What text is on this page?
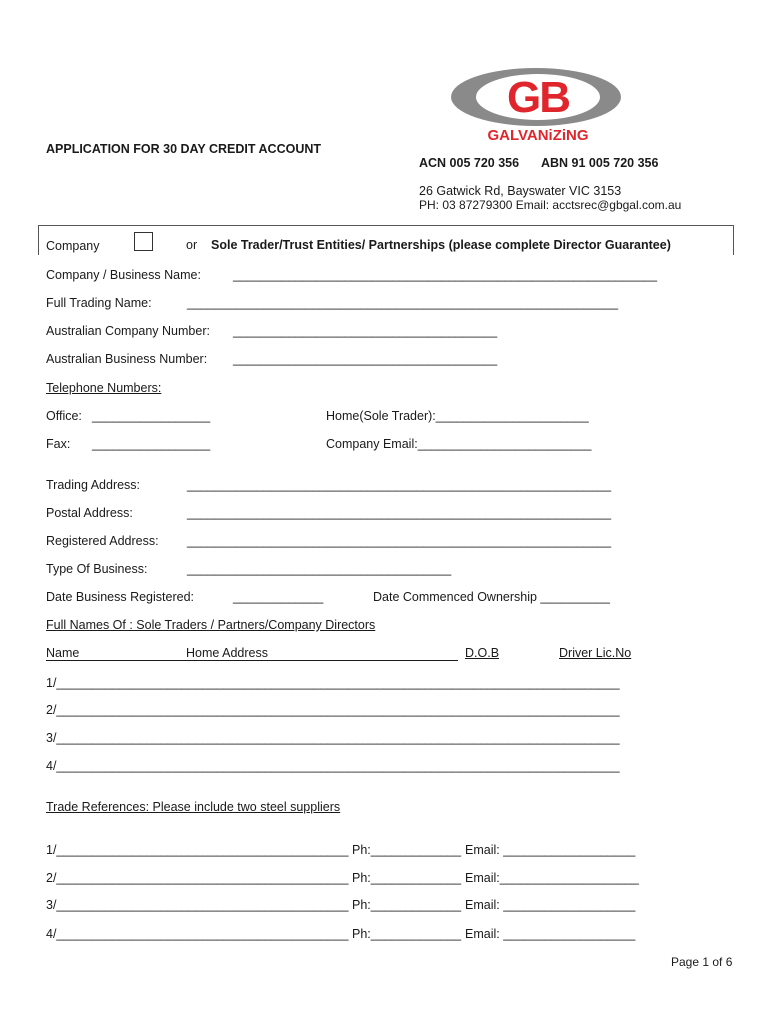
GB
GALVANiZiNG
APPLICATION FOR 30 DAY CREDIT ACCOUNT
ACN 005 720 356 ABN 91 005 720 356
26 Gatwick Rd, Bayswater VIC 3153
PH: 03 87279300 Email: acctsrec@gbgal.com.au
Company	or Sole Trader/Trust Entities/ Partnerships (please complete Director Guarantee)
Company / Business Name:	_____________________________________________________________
Full Trading Name:	______________________________________________________________
Australian Company Number: ______________________________________
Australian Business Number: ______________________________________
Telephone Numbers:
Office: _________________	Home(Sole Trader):______________________
Fax: _________________	Company Email:_________________________
Trading Address:	_____________________________________________________________
Postal Address:	_____________________________________________________________
Registered Address: _____________________________________________________________
Type Of Business:	______________________________________
Date Business Registered:	_____________	Date Commenced Ownership __________
Full Names Of : Sole Traders / Partners/Company Directors
Name	Home Address	D.O.B	Driver Lic.No
1/_________________________________________________________________________________
2/_________________________________________________________________________________
3/_________________________________________________________________________________
4/_________________________________________________________________________________
Trade References: Please include two steel suppliers
1/__________________________________________ Ph:_____________ Email: ___________________
2/__________________________________________ Ph:_____________ Email:____________________
3/__________________________________________ Ph:_____________ Email: ___________________
4/__________________________________________ Ph:_____________ Email: ___________________
Page 1 of 6
